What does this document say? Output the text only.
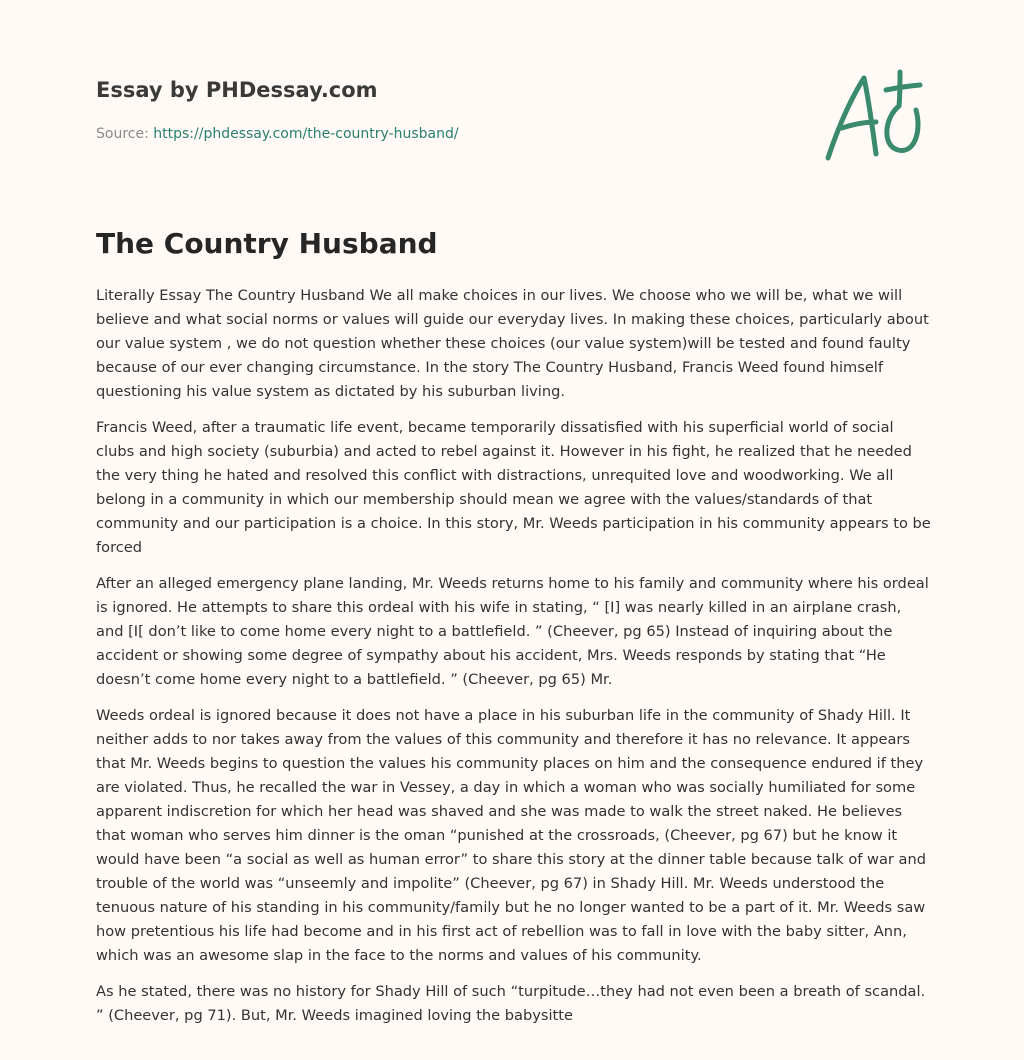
Essay by PHDessay.com
Source: https://phdessay.com/the-country-husband/
The Country Husband

Literally Essay The Country Husband We all make choices in our lives. We choose who we will be, what we will believe and what social norms or values will guide our everyday lives. In making these choices, particularly about our value system , we do not question whether these choices (our value system)will be tested and found faulty because of our ever changing circumstance. In the story The Country Husband, Francis Weed found himself questioning his value system as dictated by his suburban living.

Francis Weed, after a traumatic life event, became temporarily dissatisfied with his superficial world of social clubs and high society (suburbia) and acted to rebel against it. However in his fight, he realized that he needed the very thing he hated and resolved this conflict with distractions, unrequited love and woodworking. We all belong in a community in which our membership should mean we agree with the values/standards of that community and our participation is a choice. In this story, Mr. Weeds participation in his community appears to be forced

After an alleged emergency plane landing, Mr. Weeds returns home to his family and community where his ordeal is ignored. He attempts to share this ordeal with his wife in stating, “ [I] was nearly killed in an airplane crash, and [I[ don’t like to come home every night to a battlefield. ” (Cheever, pg 65) Instead of inquiring about the accident or showing some degree of sympathy about his accident, Mrs. Weeds responds by stating that “He doesn’t come home every night to a battlefield. ” (Cheever, pg 65) Mr.

Weeds ordeal is ignored because it does not have a place in his suburban life in the community of Shady Hill. It neither adds to nor takes away from the values of this community and therefore it has no relevance. It appears that Mr. Weeds begins to question the values his community places on him and the consequence endured if they are violated. Thus, he recalled the war in Vessey, a day in which a woman who was socially humiliated for some apparent indiscretion for which her head was shaved and she was made to walk the street naked. He believes that woman who serves him dinner is the oman “punished at the crossroads, (Cheever, pg 67) but he know it would have been “a social as well as human error” to share this story at the dinner table because talk of war and trouble of the world was “unseemly and impolite” (Cheever, pg 67) in Shady Hill. Mr. Weeds understood the tenuous nature of his standing in his community/family but he no longer wanted to be a part of it. Mr. Weeds saw how pretentious his life had become and in his first act of rebellion was to fall in love with the baby sitter, Ann, which was an awesome slap in the face to the norms and values of his community.

As he stated, there was no history for Shady Hill of such “turpitude…they had not even been a breath of scandal. ” (Cheever, pg 71). But, Mr. Weeds imagined loving the babysitte
